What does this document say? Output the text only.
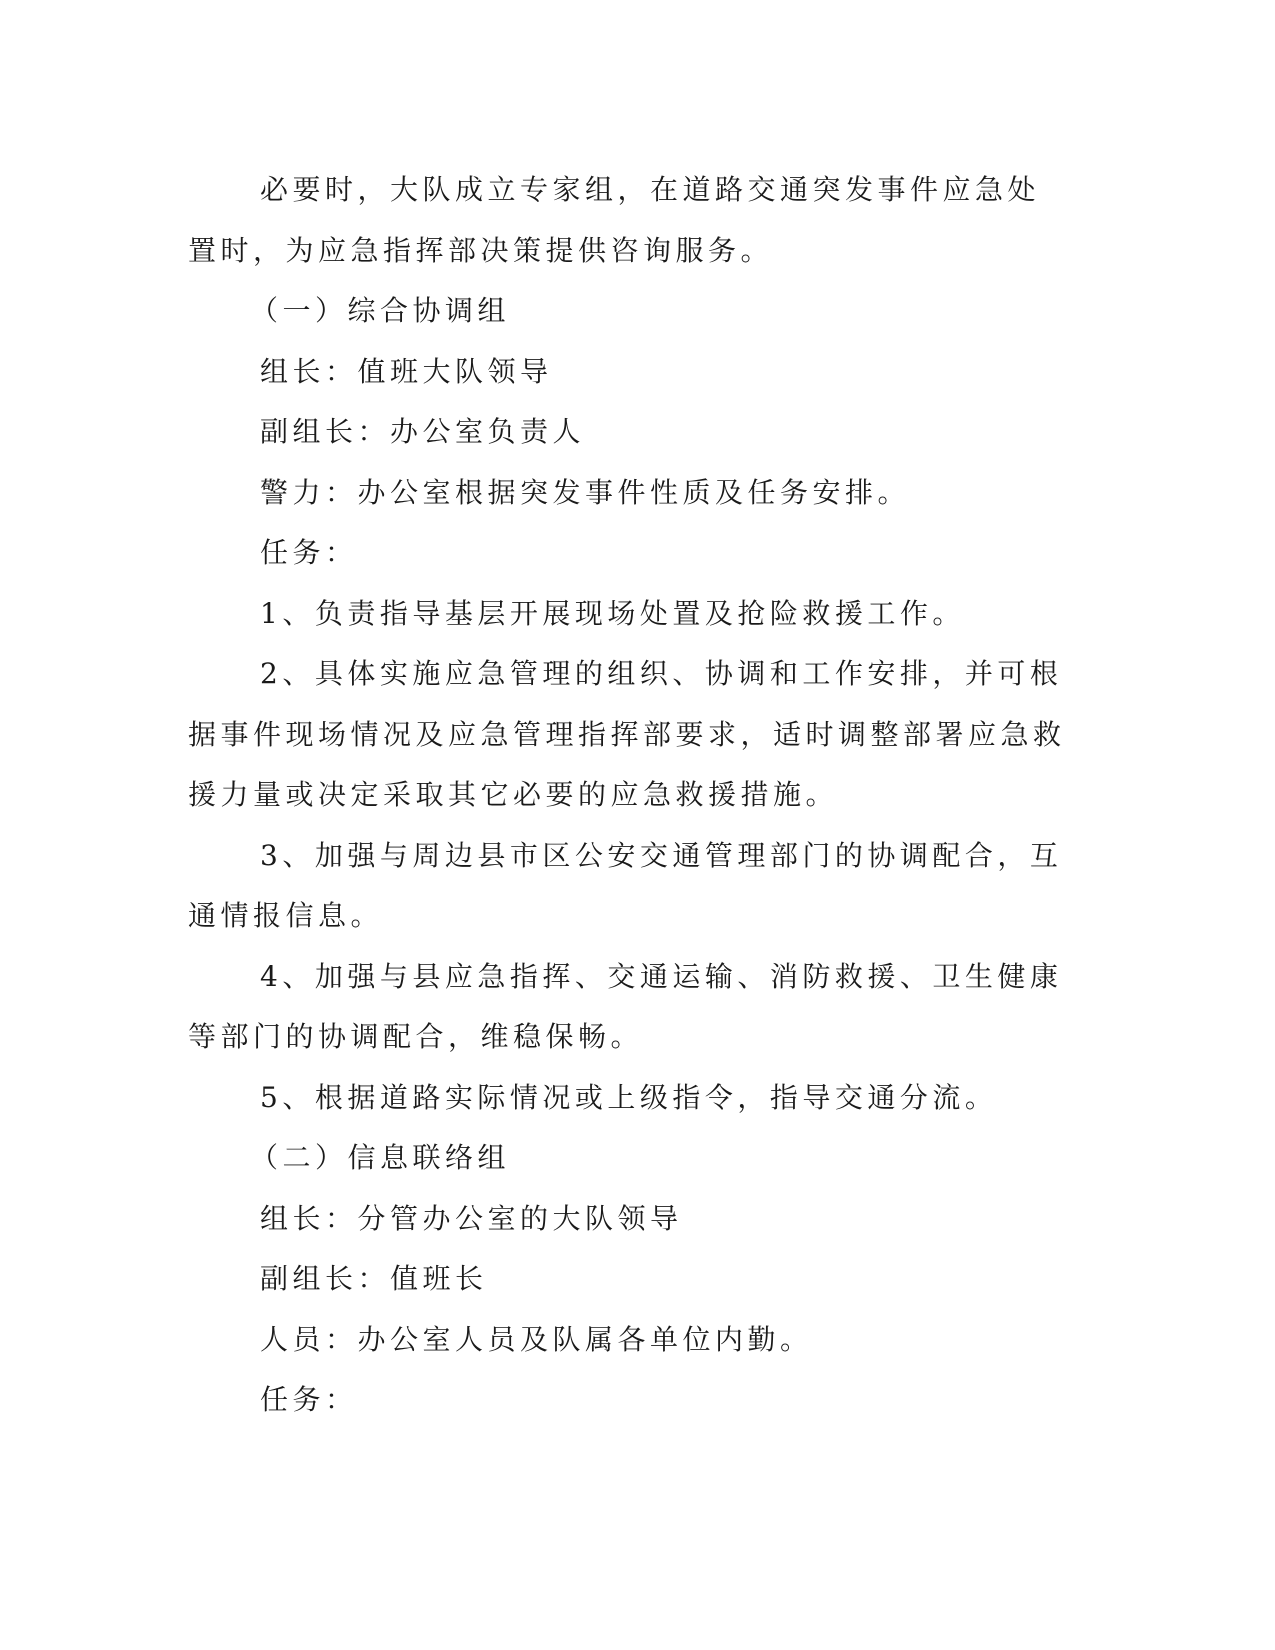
必要时，大队成立专家组，在道路交通突发事件应急处置时，为应急指挥部决策提供咨询服务。

（一）综合协调组

组长：值班大队领导

副组长：办公室负责人

警力：办公室根据突发事件性质及任务安排。

任务：

1、负责指导基层开展现场处置及抢险救援工作。

2、具体实施应急管理的组织、协调和工作安排，并可根据事件现场情况及应急管理指挥部要求，适时调整部署应急救援力量或决定采取其它必要的应急救援措施。

3、加强与周边县市区公安交通管理部门的协调配合，互通情报信息。

4、加强与县应急指挥、交通运输、消防救援、卫生健康等部门的协调配合，维稳保畅。

5、根据道路实际情况或上级指令，指导交通分流。

（二）信息联络组

组长：分管办公室的大队领导

副组长：值班长

人员：办公室人员及队属各单位内勤。

任务：
